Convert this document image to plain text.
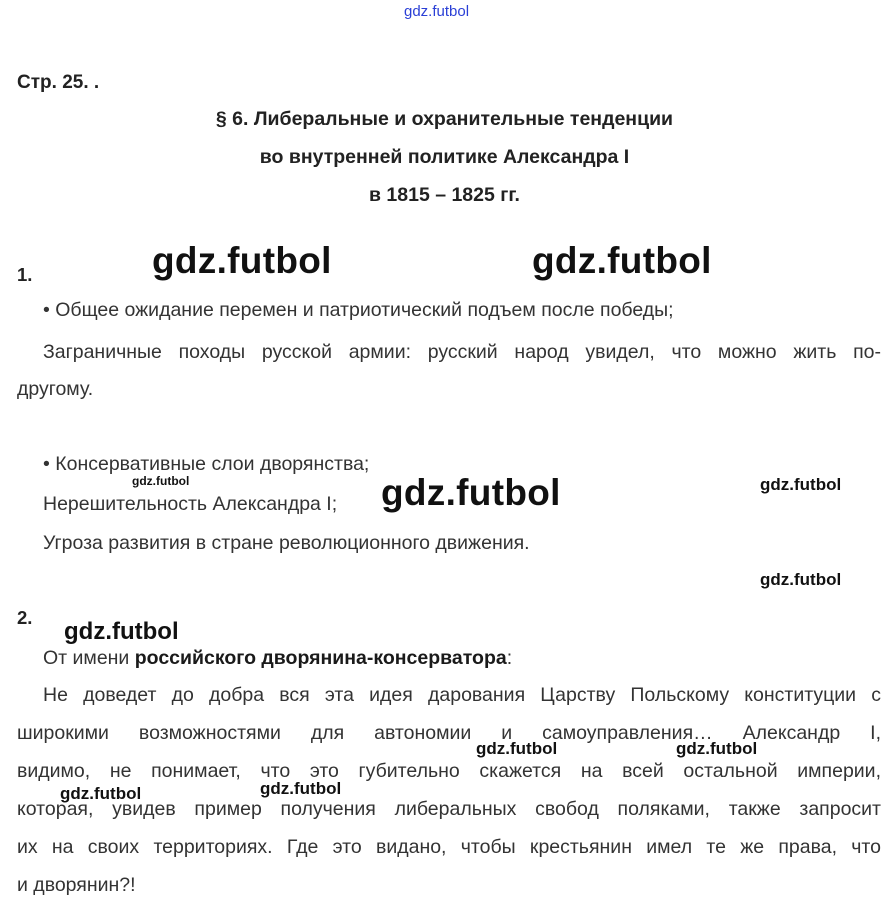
gdz.futbol
Стр. 25. .
§ 6. Либеральные и охранительные тенденции
во внутренней политике Александра I
в 1815 – 1825 гг.
1.	gdz.futbol	gdz.futbol
• Общее ожидание перемен и патриотический подъем после победы;
Заграничные походы русской армии: русский народ увидел, что можно жить по-
другому.
• Консервативные слои дворянства;
gdz.futbol
Нерешительность Александра I; gdz.futbol	gdz.futbol
Угроза развития в стране революционного движения.
gdz.futbol
2.
gdz.futbol
От имени российского дворянина-консерватора:
Не доведет до добра вся эта идея дарования Царству Польскому конституции с
широкими возможностями для автономии и самоуправления… Александр I,
видимо, не понимает, что это губительно скажется на всей остальной империи,
которая, увидев пример получения либеральных свобод поляками, также запросит
их на своих территориях. Где это видано, чтобы крестьянин имел те же права, что
и дворянин?!
gdz.futbol	gdz.futbol
gdz.futbol
gdz.futbol
